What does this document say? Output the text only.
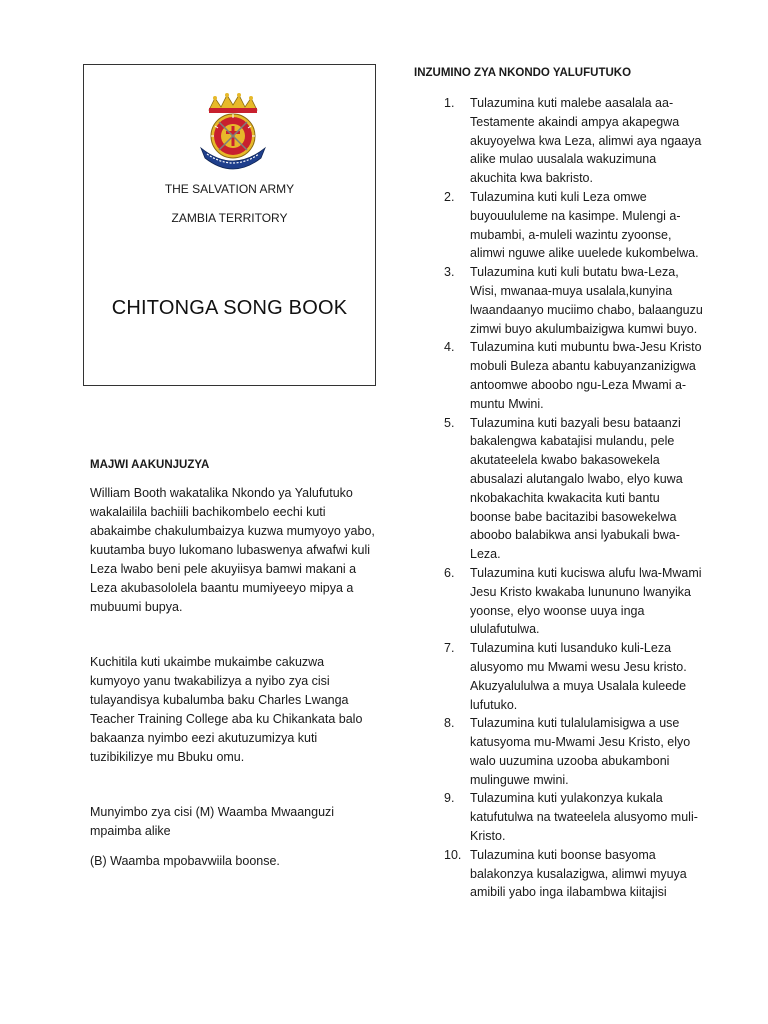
THE SALVATION ARMY
ZAMBIA TERRITORY
CHITONGA SONG BOOK
MAJWI AAKUNJUZYA

William Booth wakatalika Nkondo ya Yalufutuko wakalailila bachiili bachikombelo eechi kuti abakaimbe chakulumbaizya kuzwa mumyoyo yabo, kuutamba buyo lukomano lubaswenya afwafwi kuli Leza lwabo beni pele akuyiisya bamwi makani a Leza akubasololela baantu mumiyeeyo mipya a mubuumi bupya.

Kuchitila kuti ukaimbe mukaimbe cakuzwa kumyoyo yanu twakabilizya a nyibo zya cisi tulayandisya kubalumba baku Charles Lwanga Teacher Training College aba ku Chikankata balo bakaanza nyimbo eezi akutuzumizya kuti tuzibikilizye mu Bbuku omu.

Munyimbo zya cisi (M) Waamba Mwaanguzi mpaimba alike

(B) Waamba mpobavwiila boonse.

INZUMINO ZYA NKONDO YALUFUTUKO
1. Tulazumina kuti malebe aasalala aa-Testamente akaindi ampya akapegwa akuyoyelwa kwa Leza, alimwi aya ngaaya alike mulao uusalala wakuzimuna akuchita kwa bakristo.
2. Tulazumina kuti kuli Leza omwe buyouululeme na kasimpe. Mulengi a-mubambi, a-muleli wazintu zyoonse, alimwi nguwe alike uuelede kukombelwa.
3. Tulazumina kuti kuli butatu bwa-Leza, Wisi, mwanaa-muya usalala,kunyina lwaandaanyo muciimo chabo, balaanguzu zimwi buyo akulumbaizigwa kumwi buyo.
4. Tulazumina kuti mubuntu bwa-Jesu Kristo mobuli Buleza abantu kabuyanzanizigwa antoomwe aboobo ngu-Leza Mwami a-muntu Mwini.
5. Tulazumina kuti bazyali besu bataanzi bakalengwa kabatajisi mulandu, pele akutateelela kwabo bakasowekela abusalazi alutangalo lwabo, elyo kuwa nkobakachita kwakacita kuti bantu boonse babe bacitazibi basowekelwa aboobo balabikwa ansi lyabukali bwa-Leza.
6. Tulazumina kuti kuciswa alufu lwa-Mwami Jesu Kristo kwakaba lunununo lwanyika yoonse, elyo woonse uuya inga ululafutulwa.
7. Tulazumina kuti lusanduko kuli-Leza alusyomo mu Mwami wesu Jesu kristo. Akuzyalululwa a muya Usalala kuleede lufutuko.
8. Tulazumina kuti tulalulamisigwa a use katusyoma mu-Mwami Jesu Kristo, elyo walo uuzumina uzooba abukamboni mulinguwe mwini.
9. Tulazumina kuti yulakonzya kukala katufutulwa na twateelela alusyomo muli-Kristo.
10. Tulazumina kuti boonse basyoma balakonzya kusalazigwa, alimwi myuya amibili yabo inga ilabambwa kiitajisi
